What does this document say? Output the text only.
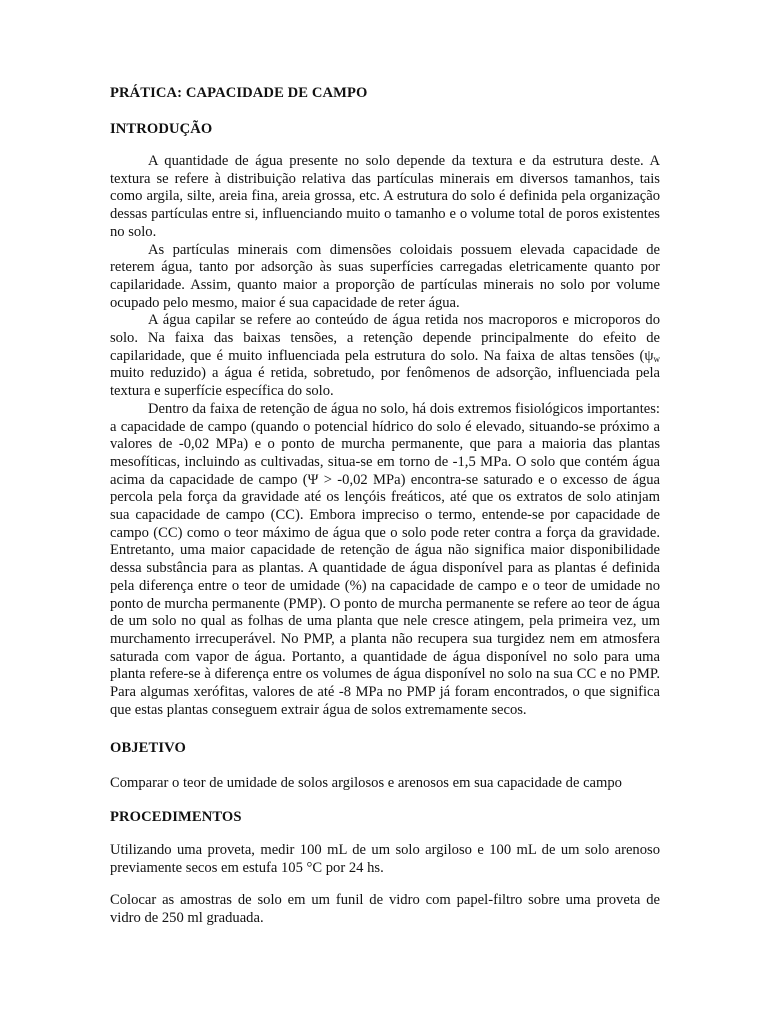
PRÁTICA: CAPACIDADE DE CAMPO
INTRODUÇÃO

A quantidade de água presente no solo depende da textura e da estrutura deste. A textura se refere à distribuição relativa das partículas minerais em diversos tamanhos, tais como argila, silte, areia fina, areia grossa, etc. A estrutura do solo é definida pela organização dessas partículas entre si, influenciando muito o tamanho e o volume total de poros existentes no solo.

As partículas minerais com dimensões coloidais possuem elevada capacidade de reterem água, tanto por adsorção às suas superfícies carregadas eletricamente quanto por capilaridade. Assim, quanto maior a proporção de partículas minerais no solo por volume ocupado pelo mesmo, maior é sua capacidade de reter água.

A água capilar se refere ao conteúdo de água retida nos macroporos e microporos do solo. Na faixa das baixas tensões, a retenção depende principalmente do efeito de capilaridade, que é muito influenciada pela estrutura do solo. Na faixa de altas tensões ($\psi_w$ muito reduzido) a água é retida, sobretudo, por fenômenos de adsorção, influenciada pela textura e superfície específica do solo.

Dentro da faixa de retenção de água no solo, há dois extremos fisiológicos importantes: a capacidade de campo (quando o potencial hídrico do solo é elevado, situando-se próximo a valores de -0,02 MPa) e o ponto de murcha permanente, que para a maioria das plantas mesofíticas, incluindo as cultivadas, situa-se em torno de -1,5 MPa. O solo que contém água acima da capacidade de campo (Ψ > -0,02 MPa) encontra-se saturado e o excesso de água percola pela força da gravidade até os lençóis freáticos, até que os extratos de solo atinjam sua capacidade de campo (CC). Embora impreciso o termo, entende-se por capacidade de campo (CC) como o teor máximo de água que o solo pode reter contra a força da gravidade. Entretanto, uma maior capacidade de retenção de água não significa maior disponibilidade dessa substância para as plantas. A quantidade de água disponível para as plantas é definida pela diferença entre o teor de umidade (%) na capacidade de campo e o teor de umidade no ponto de murcha permanente (PMP). O ponto de murcha permanente se refere ao teor de água de um solo no qual as folhas de uma planta que nele cresce atingem, pela primeira vez, um murchamento irrecuperável. No PMP, a planta não recupera sua turgidez nem em atmosfera saturada com vapor de água. Portanto, a quantidade de água disponível no solo para uma planta refere-se à diferença entre os volumes de água disponível no solo na sua CC e no PMP. Para algumas xerófitas, valores de até -8 MPa no PMP já foram encontrados, o que significa que estas plantas conseguem extrair água de solos extremamente secos.

OBJETIVO
Comparar o teor de umidade de solos argilosos e arenosos em sua capacidade de campo
PROCEDIMENTOS

Utilizando uma proveta, medir 100 mL de um solo argiloso e 100 mL de um solo arenoso previamente secos em estufa 105 °C por 24 hs.

Colocar as amostras de solo em um funil de vidro com papel-filtro sobre uma proveta de vidro de 250 ml graduada.
